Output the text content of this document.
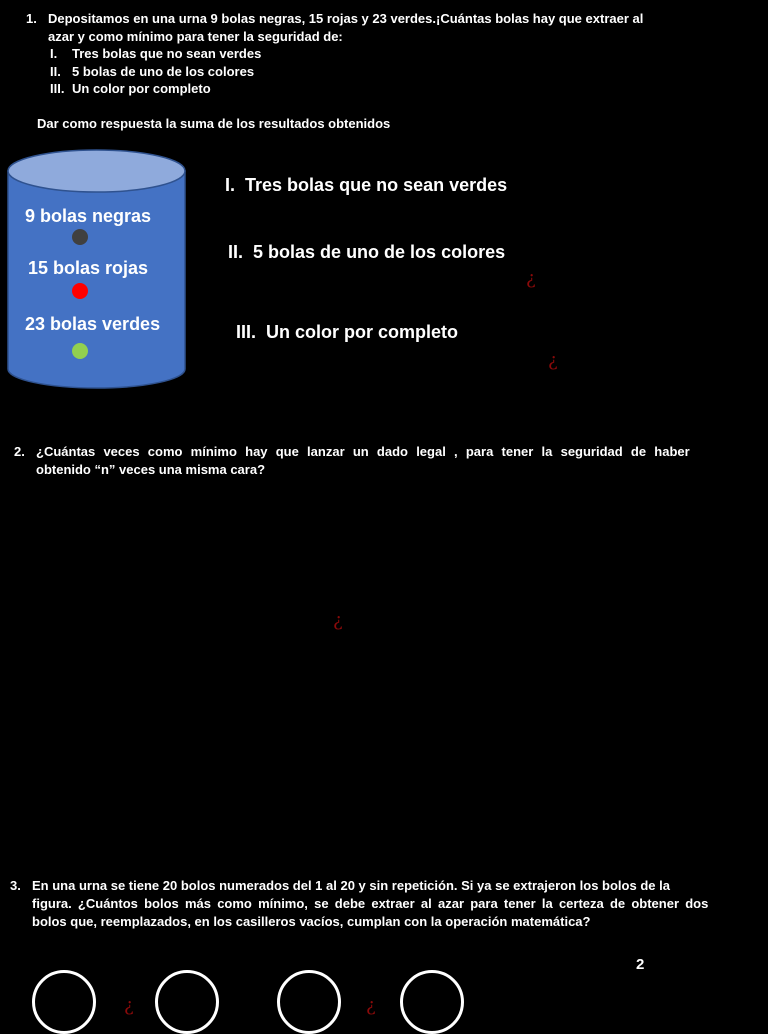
1. Depositamos en una urna 9 bolas negras, 15 rojas y 23 verdes.¡Cuántas bolas hay que extraer al
azar y como mínimo para tener la seguridad de:
I. Tres bolas que no sean verdes
II. 5 bolas de uno de los colores
III. Un color por completo
Dar como respuesta la suma de los resultados obtenidos
9 bolas negras
15 bolas rojas
23 bolas verdes
I. Tres bolas que no sean verdes
II. 5 bolas de uno de los colores
III. Un color por completo
¿
¿
¿
2. ¿Cuántas veces como mínimo hay que lanzar un dado legal , para tener la seguridad de haber
obtenido “n” veces una misma cara?
3. En una urna se tiene 20 bolos numerados del 1 al 20 y sin repetición. Si ya se extrajeron los bolos de la
figura. ¿Cuántos bolos más como mínimo, se debe extraer al azar para tener la certeza de obtener dos
bolos que, reemplazados, en los casilleros vacíos, cumplan con la operación matemática?
2
¿	¿
